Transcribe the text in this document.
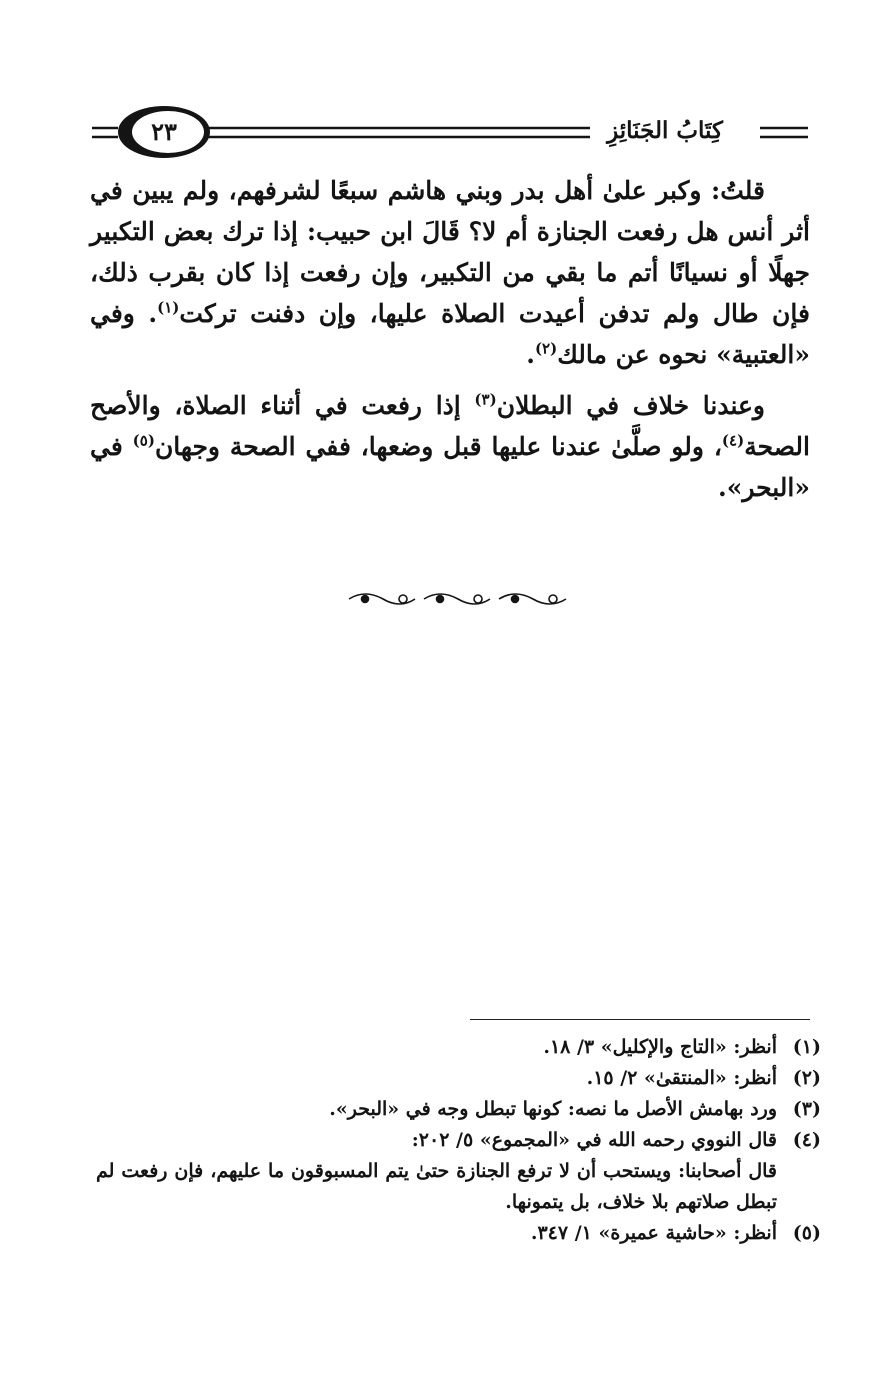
٢٣	كِتَابُ الجَنَائِزِ

قلتُ: وكبر علىٰ أهل بدر وبني هاشم سبعًا لشرفهم، ولم يبين في أثر أنس هل رفعت الجنازة أم لا؟ قَالَ ابن حبيب: إذا ترك بعض التكبير جهلًا أو نسيانًا أتم ما بقي من التكبير، وإن رفعت إذا كان بقرب ذلك، فإن طال ولم تدفن أعيدت الصلاة عليها، وإن دفنت تركت$^{(١)}$. وفي «العتبية» نحوه عن مالك$^{(٢)}$.

وعندنا خلاف في البطلان$^{(٣)}$ إذا رفعت في أثناء الصلاة، والأصح الصحة$^{(٤)}$، ولو صلَّىٰ عندنا عليها قبل وضعها، ففي الصحة وجهان$^{(٥)}$ في «البحر».

(١)
أنظر: «التاج والإكليل» ٣/ ١٨.
(٢)
أنظر: «المنتقىٰ» ٢/ ١٥.
(٣)
ورد بهامش الأصل ما نصه: كونها تبطل وجه في «البحر».
(٤)
قال النووي رحمه الله في «المجموع» ٥/ ٢٠٢:
قال أصحابنا: ويستحب أن لا ترفع الجنازة حتىٰ يتم المسبوقون ما عليهم، فإن رفعت لم تبطل صلاتهم بلا خلاف، بل يتمونها.
(٥)
أنظر: «حاشية عميرة» ١/ ٣٤٧.
